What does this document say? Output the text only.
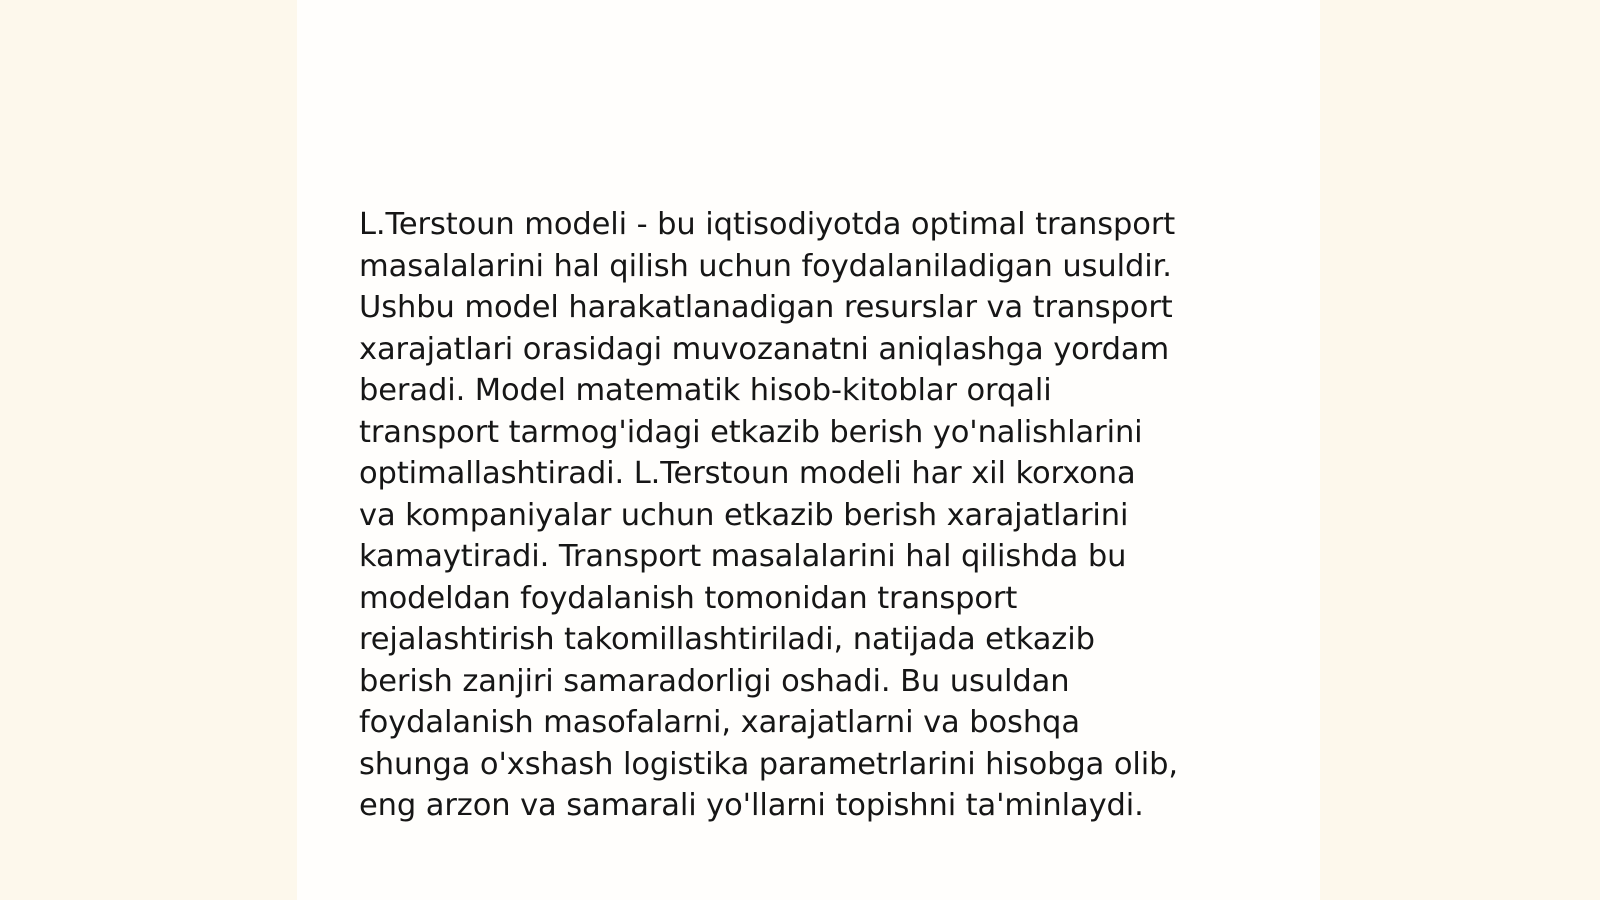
L.Terstoun modeli - bu iqtisodiyotda optimal transport
masalalarini hal qilish uchun foydalaniladigan usuldir.
Ushbu model harakatlanadigan resurslar va transport
xarajatlari orasidagi muvozanatni aniqlashga yordam
beradi. Model matematik hisob-kitoblar orqali
transport tarmog'idagi etkazib berish yo'nalishlarini
optimallashtiradi. L.Terstoun modeli har xil korxona
va kompaniyalar uchun etkazib berish xarajatlarini
kamaytiradi. Transport masalalarini hal qilishda bu
modeldan foydalanish tomonidan transport
rejalashtirish takomillashtiriladi, natijada etkazib
berish zanjiri samaradorligi oshadi. Bu usuldan
foydalanish masofalarni, xarajatlarni va boshqa
shunga o'xshash logistika parametrlarini hisobga olib,
eng arzon va samarali yo'llarni topishni ta'minlaydi.
